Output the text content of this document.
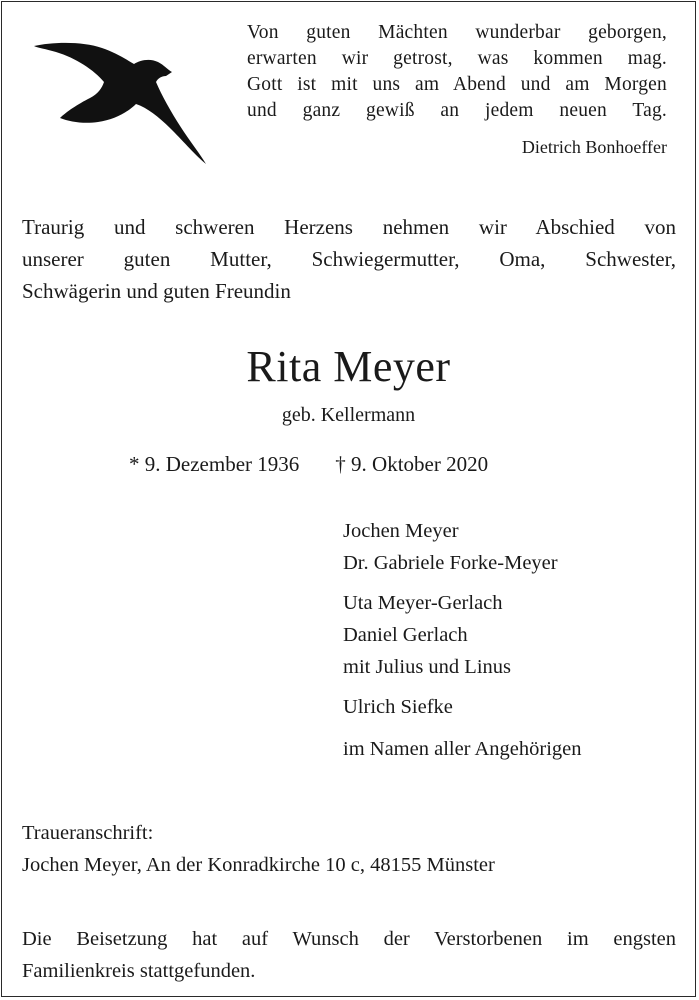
Von guten Mächten wunderbar geborgen,
erwarten wir getrost, was kommen mag.
Gott ist mit uns am Abend und am Morgen
und ganz gewiß an jedem neuen Tag.
Dietrich Bonhoeffer
Traurig und schweren Herzens nehmen wir Abschied von
unserer guten Mutter, Schwiegermutter, Oma, Schwester,
Schwägerin und guten Freundin
Rita Meyer
geb. Kellermann
* 9. Dezember 1936 † 9. Oktober 2020
Jochen Meyer
Dr. Gabriele Forke-Meyer
Uta Meyer-Gerlach
Daniel Gerlach
mit Julius und Linus
Ulrich Siefke
im Namen aller Angehörigen
Traueranschrift:
Jochen Meyer, An der Konradkirche 10 c, 48155 Münster
Die Beisetzung hat auf Wunsch der Verstorbenen im engsten
Familienkreis stattgefunden.
